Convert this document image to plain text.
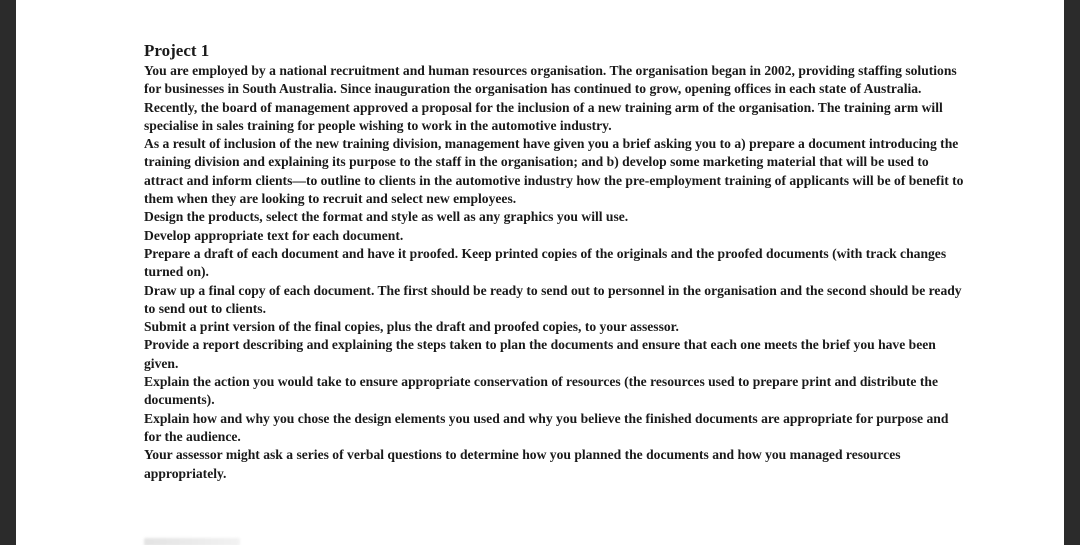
Project 1

You are employed by a national recruitment and human resources organisation. The organisation began in 2002, providing staffing solutions for businesses in South Australia. Since inauguration the organisation has continued to grow, opening offices in each state of Australia. Recently, the board of management approved a proposal for the inclusion of a new training arm of the organisation. The training arm will specialise in sales training for people wishing to work in the automotive industry.

As a result of inclusion of the new training division, management have given you a brief asking you to a) prepare a document introducing the training division and explaining its purpose to the staff in the organisation; and b) develop some marketing material that will be used to attract and inform clients—to outline to clients in the automotive industry how the pre-employment training of applicants will be of benefit to them when they are looking to recruit and select new employees.

Design the products, select the format and style as well as any graphics you will use.

Develop appropriate text for each document.

Prepare a draft of each document and have it proofed. Keep printed copies of the originals and the proofed documents (with track changes turned on).

Draw up a final copy of each document. The first should be ready to send out to personnel in the organisation and the second should be ready to send out to clients.

Submit a print version of the final copies, plus the draft and proofed copies, to your assessor.

Provide a report describing and explaining the steps taken to plan the documents and ensure that each one meets the brief you have been given.

Explain the action you would take to ensure appropriate conservation of resources (the resources used to prepare print and distribute the documents).

Explain how and why you chose the design elements you used and why you believe the finished documents are appropriate for purpose and for the audience.

Your assessor might ask a series of verbal questions to determine how you planned the documents and how you managed resources appropriately.
